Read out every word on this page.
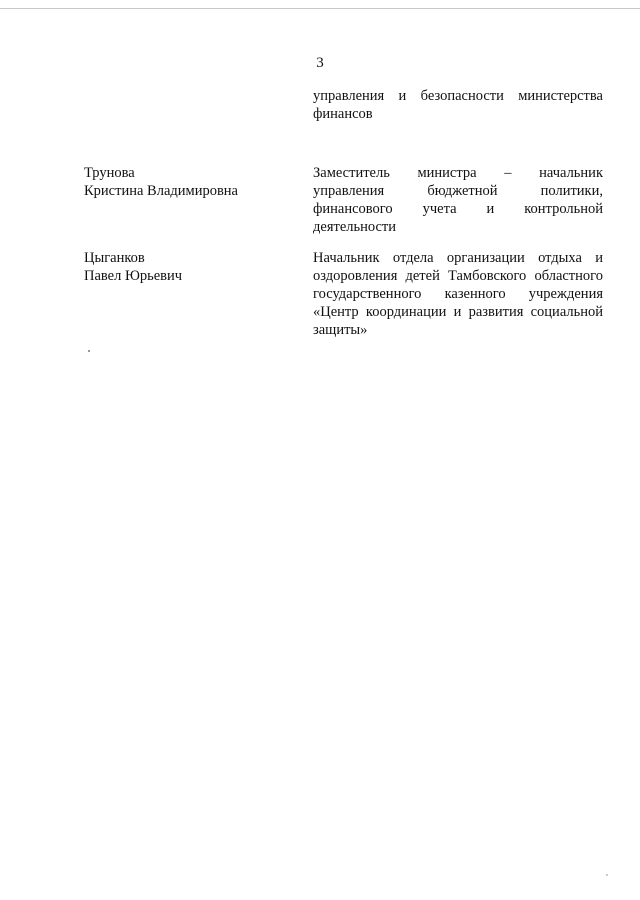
3
управления и безопасности министерства финансов
Трунова
Кристина Владимировна
Заместитель министра – начальник управления бюджетной политики, финансового учета и контрольной деятельности
Цыганков
Павел Юрьевич
Начальник отдела организации отдыха и оздоровления детей Тамбовского областного государственного казенного учреждения «Центр координации и развития социальной защиты»
